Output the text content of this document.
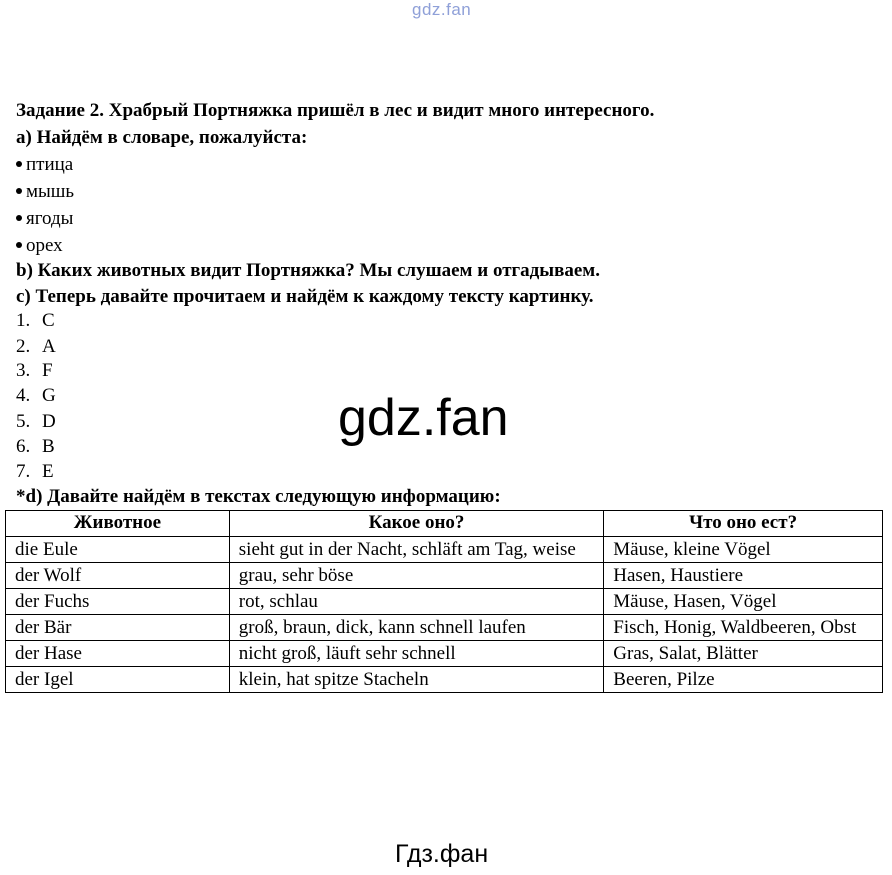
gdz.fan
Задание 2. Храбрый Портняжка пришёл в лес и видит много интересного.
a) Найдём в словаре, пожалуйста:
птица
мышь
ягоды
орех
b) Каких животных видит Портняжка? Мы слушаем и отгадываем.
c) Теперь давайте прочитаем и найдём к каждому тексту картинку.
1. C
2. A
3. F
4. G
5. D
6. B
7. E
gdz.fan
*d) Давайте найдём в текстах следующую информацию:
Животное	Какое оно?	Что оно ест?
die Eule	sieht gut in der Nacht, schläft am Tag, weise	Mäuse, kleine Vögel
der Wolf	grau, sehr böse	Hasen, Haustiere
der Fuchs	rot, schlau	Mäuse, Hasen, Vögel
der Bär	groß, braun, dick, kann schnell laufen	Fisch, Honig, Waldbeeren, Obst
der Hase	nicht groß, läuft sehr schnell	Gras, Salat, Blätter
der Igel	klein, hat spitze Stacheln	Beeren, Pilze
Гдз.фан
